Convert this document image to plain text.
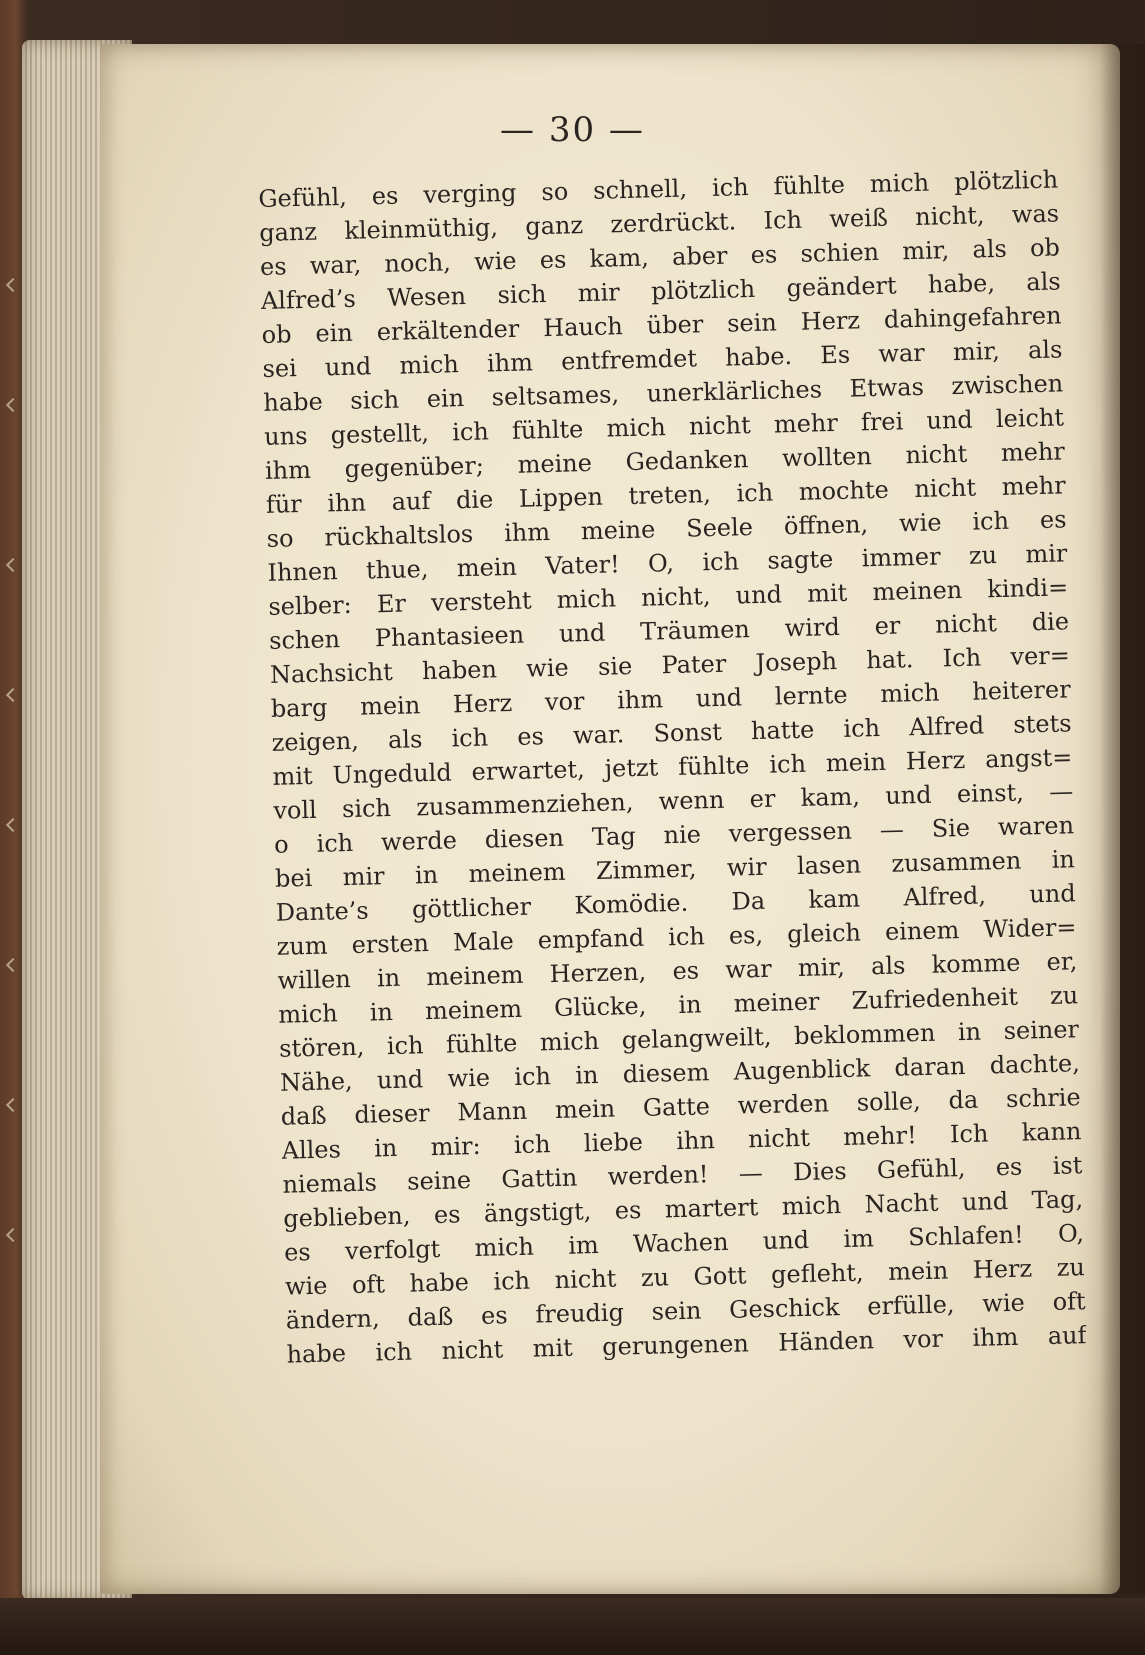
— 30 —
Gefühl, es verging so schnell, ich fühlte mich plötzlich
ganz kleinmüthig, ganz zerdrückt. Ich weiß nicht, was
es war, noch, wie es kam, aber es schien mir, als ob
Alfred’s Wesen sich mir plötzlich geändert habe, als
ob ein erkältender Hauch über sein Herz dahingefahren
sei und mich ihm entfremdet habe. Es war mir, als
habe sich ein seltsames, unerklärliches Etwas zwischen
uns gestellt, ich fühlte mich nicht mehr frei und leicht
ihm gegenüber; meine Gedanken wollten nicht mehr
für ihn auf die Lippen treten, ich mochte nicht mehr
so rückhaltslos ihm meine Seele öffnen, wie ich es
Ihnen thue, mein Vater! O, ich sagte immer zu mir
selber: Er versteht mich nicht, und mit meinen kindi=
schen Phantasieen und Träumen wird er nicht die
Nachsicht haben wie sie Pater Joseph hat. Ich ver=
barg mein Herz vor ihm und lernte mich heiterer
zeigen, als ich es war. Sonst hatte ich Alfred stets
mit Ungeduld erwartet, jetzt fühlte ich mein Herz angst=
voll sich zusammenziehen, wenn er kam, und einst, —
o ich werde diesen Tag nie vergessen — Sie waren
bei mir in meinem Zimmer, wir lasen zusammen in
Dante’s göttlicher Komödie. Da kam Alfred, und
zum ersten Male empfand ich es, gleich einem Wider=
willen in meinem Herzen, es war mir, als komme er,
mich in meinem Glücke, in meiner Zufriedenheit zu
stören, ich fühlte mich gelangweilt, beklommen in seiner
Nähe, und wie ich in diesem Augenblick daran dachte,
daß dieser Mann mein Gatte werden solle, da schrie
Alles in mir: ich liebe ihn nicht mehr! Ich kann
niemals seine Gattin werden! — Dies Gefühl, es ist
geblieben, es ängstigt, es martert mich Nacht und Tag,
es verfolgt mich im Wachen und im Schlafen! O,
wie oft habe ich nicht zu Gott gefleht, mein Herz zu
ändern, daß es freudig sein Geschick erfülle, wie oft
habe ich nicht mit gerungenen Händen vor ihm auf
